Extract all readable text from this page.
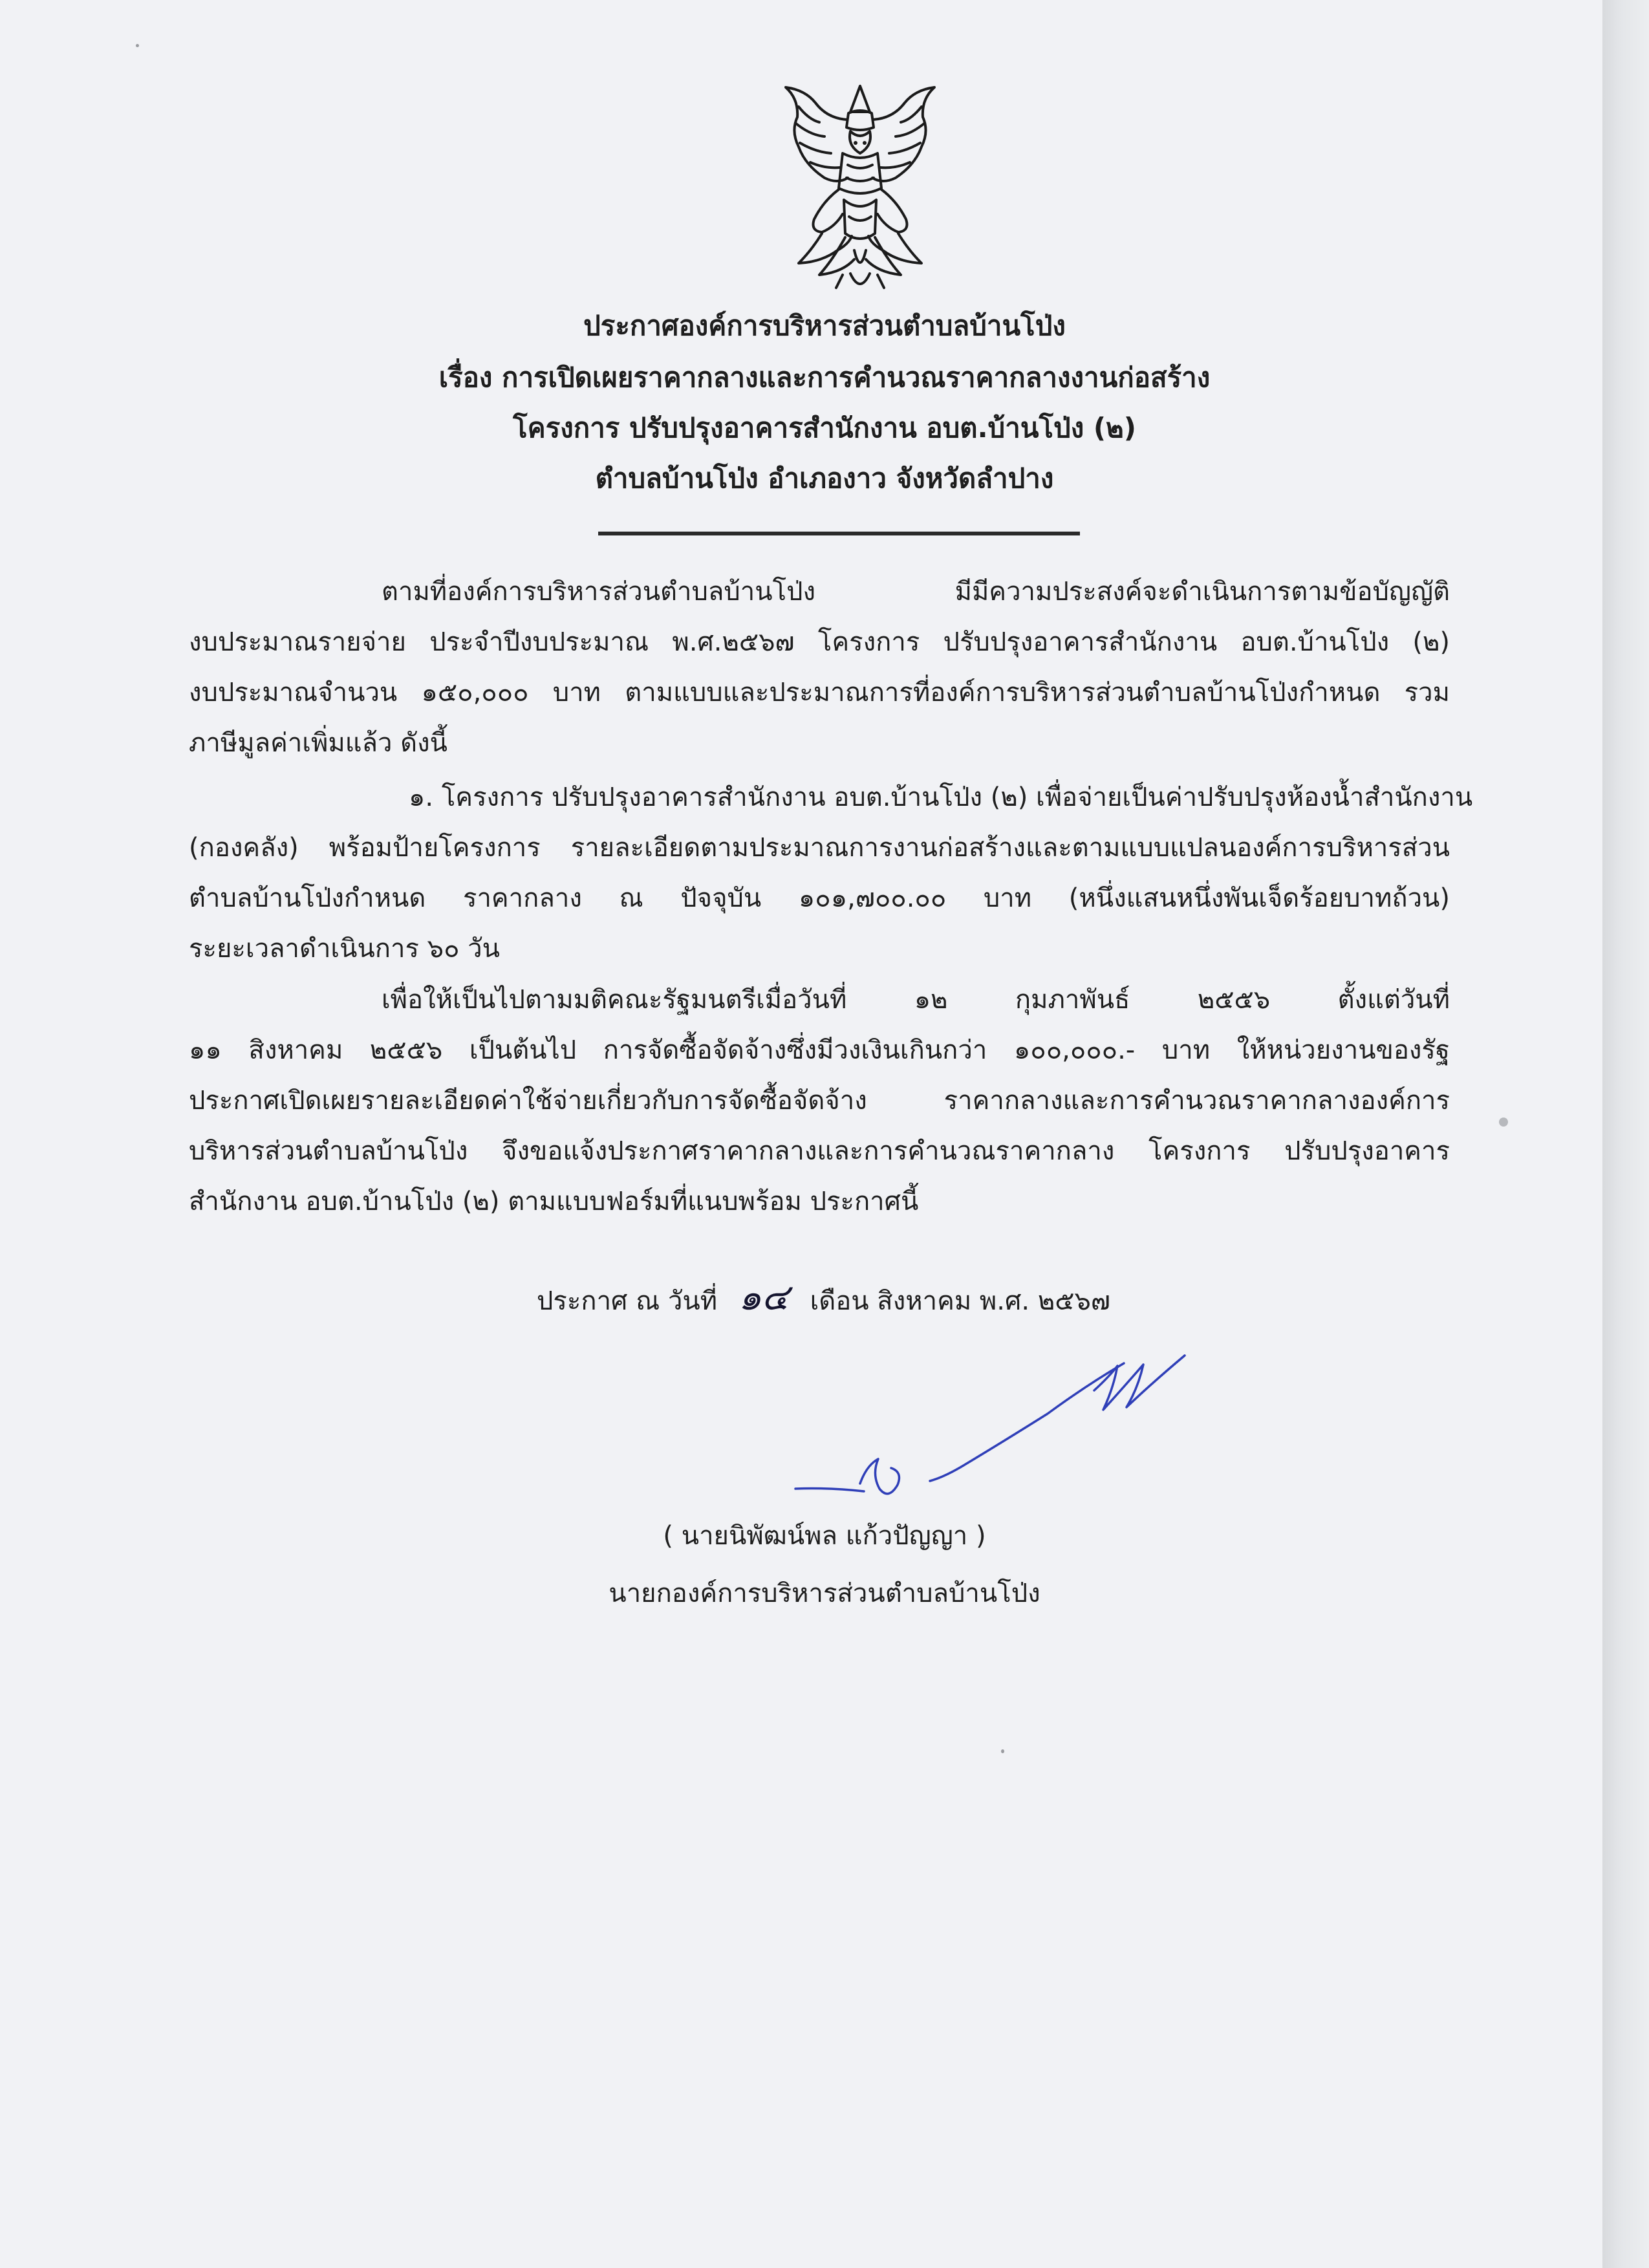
ประกาศองค์การบริหารส่วนตำบลบ้านโป่ง
เรื่อง การเปิดเผยราคากลางและการคำนวณราคากลางงานก่อสร้าง
โครงการ ปรับปรุงอาคารสำนักงาน อบต.บ้านโป่ง (๒)
ตำบลบ้านโป่ง อำเภองาว จังหวัดลำปาง
ตามที่องค์การบริหารส่วนตำบลบ้านโป่ง มีมีความประสงค์จะดำเนินการตามข้อบัญญัติ
งบประมาณรายจ่าย ประจำปีงบประมาณ พ.ศ.๒๕๖๗ โครงการ ปรับปรุงอาคารสำนักงาน อบต.บ้านโป่ง (๒)
งบประมาณจำนวน ๑๕๐,๐๐๐ บาท ตามแบบและประมาณการที่องค์การบริหารส่วนตำบลบ้านโป่งกำหนด รวม
ภาษีมูลค่าเพิ่มแล้ว ดังนี้
๑. โครงการ ปรับปรุงอาคารสำนักงาน อบต.บ้านโป่ง (๒) เพื่อจ่ายเป็นค่าปรับปรุงห้องน้ำสำนักงาน
(กองคลัง) พร้อมป้ายโครงการ รายละเอียดตามประมาณการงานก่อสร้างและตามแบบแปลนองค์การบริหารส่วน
ตำบลบ้านโป่งกำหนด ราคากลาง ณ ปัจจุบัน ๑๐๑,๗๐๐.๐๐ บาท (หนึ่งแสนหนึ่งพันเจ็ดร้อยบาทถ้วน)
ระยะเวลาดำเนินการ ๖๐ วัน
เพื่อให้เป็นไปตามมติคณะรัฐมนตรีเมื่อวันที่ ๑๒ กุมภาพันธ์ ๒๕๕๖ ตั้งแต่วันที่
๑๑ สิงหาคม ๒๕๕๖ เป็นต้นไป การจัดซื้อจัดจ้างซึ่งมีวงเงินเกินกว่า ๑๐๐,๐๐๐.- บาท ให้หน่วยงานของรัฐ
ประกาศเปิดเผยรายละเอียดค่าใช้จ่ายเกี่ยวกับการจัดซื้อจัดจ้าง ราคากลางและการคำนวณราคากลางองค์การ
บริหารส่วนตำบลบ้านโป่ง จึงขอแจ้งประกาศราคากลางและการคำนวณราคากลาง โครงการ ปรับปรุงอาคาร
สำนักงาน อบต.บ้านโป่ง (๒) ตามแบบฟอร์มที่แนบพร้อม ประกาศนี้
ประกาศ ณ วันที่ ๑๔ เดือน สิงหาคม พ.ศ. ๒๕๖๗
( นายนิพัฒน์พล แก้วปัญญา )
นายกองค์การบริหารส่วนตำบลบ้านโป่ง
